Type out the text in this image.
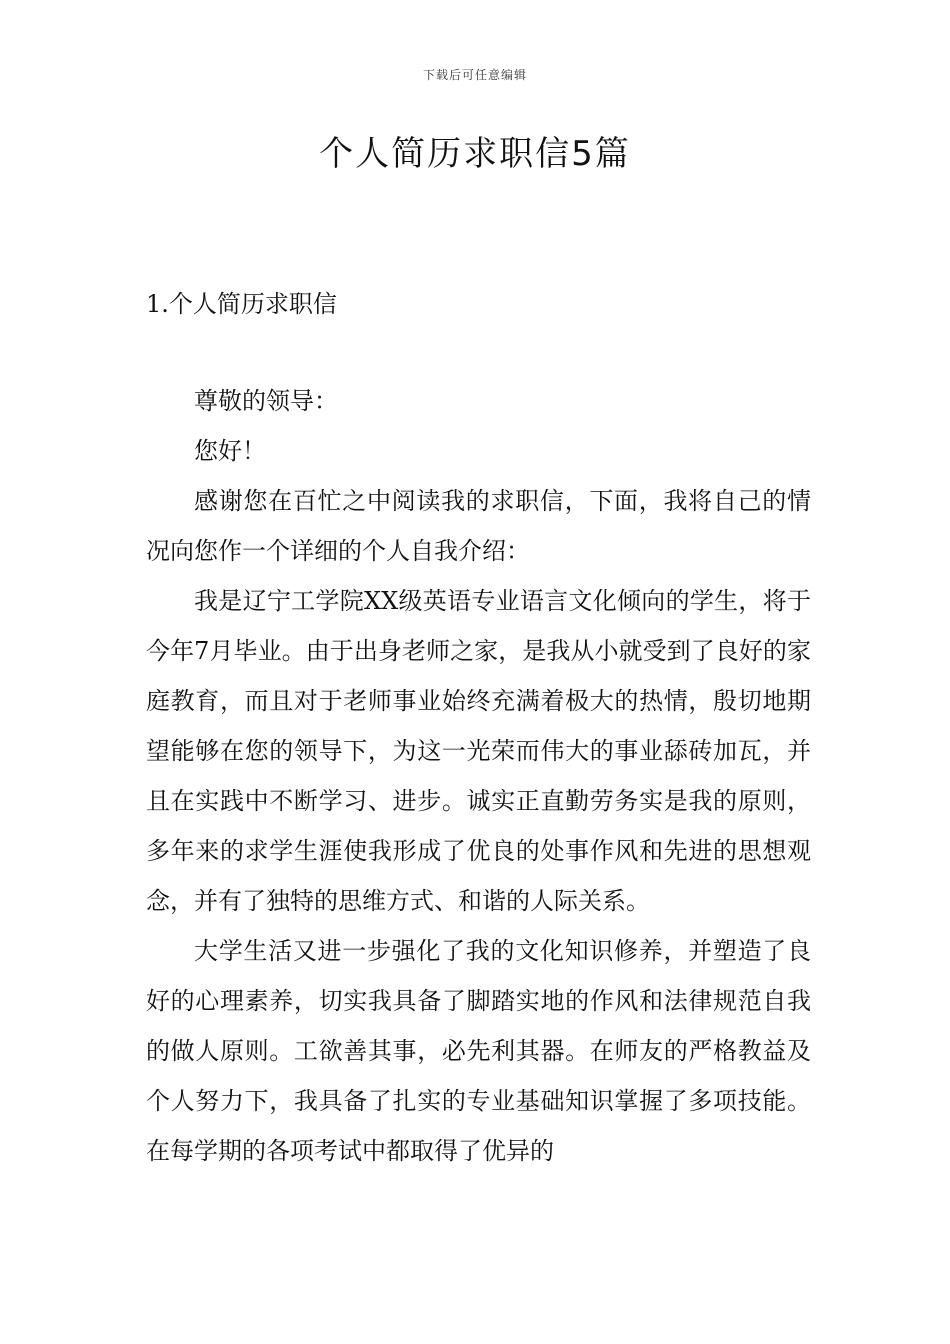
下载后可任意编辑
个人简历求职信5篇
1.个人简历求职信

尊敬的领导：

您好！

感谢您在百忙之中阅读我的求职信，下面，我将自己的情况向您作一个详细的个人自我介绍：

我是辽宁工学院XX级英语专业语言文化倾向的学生，将于今年7月毕业。由于出身老师之家，是我从小就受到了良好的家庭教育，而且对于老师事业始终充满着极大的热情，殷切地期望能够在您的领导下，为这一光荣而伟大的事业舔砖加瓦，并且在实践中不断学习、进步。诚实正直勤劳务实是我的原则，多年来的求学生涯使我形成了优良的处事作风和先进的思想观念，并有了独特的思维方式、和谐的人际关系。

大学生活又进一步强化了我的文化知识修养，并塑造了良好的心理素养，切实我具备了脚踏实地的作风和法律规范自我的做人原则。工欲善其事，必先利其器。在师友的严格教益及个人努力下，我具备了扎实的专业基础知识掌握了多项技能。在每学期的各项考试中都取得了优异的
